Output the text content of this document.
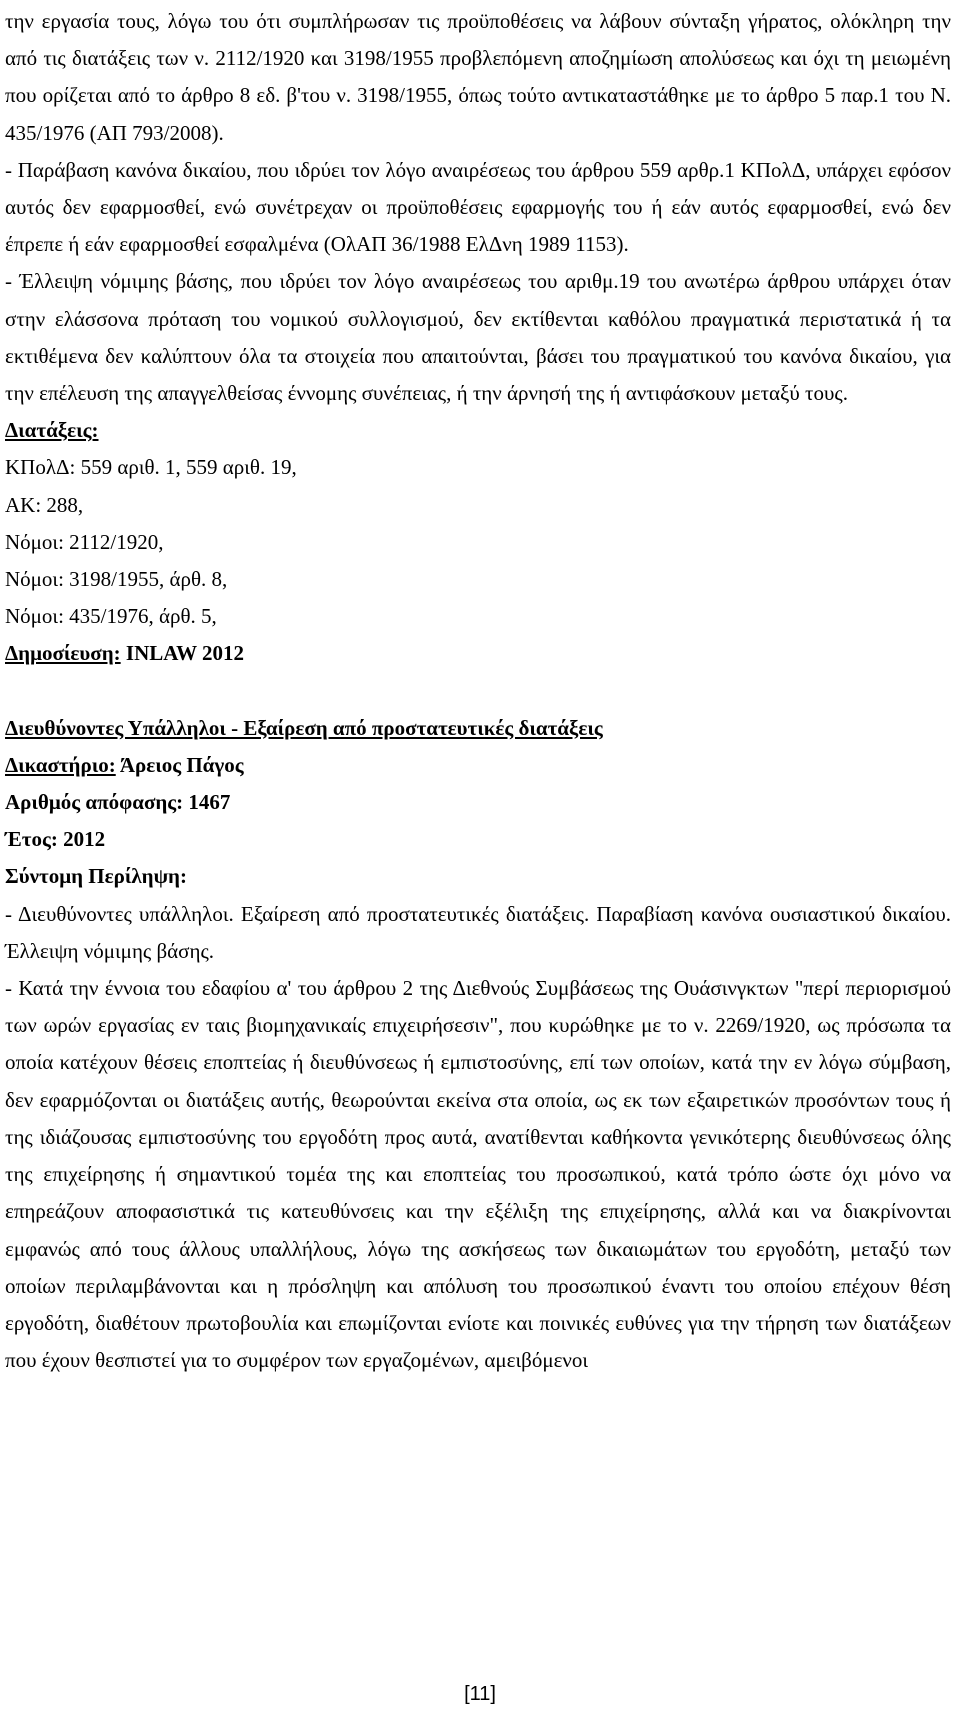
την εργασία τους, λόγω του ότι συμπλήρωσαν τις προϋποθέσεις να λάβουν σύνταξη γήρατος, ολόκληρη την από τις διατάξεις των ν. 2112/1920 και 3198/1955 προβλεπόμενη αποζημίωση απολύσεως και όχι τη μειωμένη που ορίζεται από το άρθρο 8 εδ. β'του ν. 3198/1955, όπως τούτο αντικαταστάθηκε με το άρθρο 5 παρ.1 του Ν. 435/1976 (ΑΠ 793/2008).

- Παράβαση κανόνα δικαίου, που ιδρύει τον λόγο αναιρέσεως του άρθρου 559 αρθρ.1 ΚΠολΔ, υπάρχει εφόσον αυτός δεν εφαρμοσθεί, ενώ συνέτρεχαν οι προϋποθέσεις εφαρμογής του ή εάν αυτός εφαρμοσθεί, ενώ δεν έπρεπε ή εάν εφαρμοσθεί εσφαλμένα (ΟλΑΠ 36/1988 ΕλΔνη 1989 1153).

- Έλλειψη νόμιμης βάσης, που ιδρύει τον λόγο αναιρέσεως του αριθμ.19 του ανωτέρω άρθρου υπάρχει όταν στην ελάσσονα πρόταση του νομικού συλλογισμού, δεν εκτίθενται καθόλου πραγματικά περιστατικά ή τα εκτιθέμενα δεν καλύπτουν όλα τα στοιχεία που απαιτούνται, βάσει του πραγματικού του κανόνα δικαίου, για την επέλευση της απαγγελθείσας έννομης συνέπειας, ή την άρνησή της ή αντιφάσκουν μεταξύ τους.

Διατάξεις:
ΚΠολΔ: 559 αριθ. 1, 559 αριθ. 19,
ΑΚ: 288,
Νόμοι: 2112/1920,
Νόμοι: 3198/1955, άρθ. 8,
Νόμοι: 435/1976, άρθ. 5,
Δημοσίευση: INLAW 2012
Διευθύνοντες Υπάλληλοι - Εξαίρεση από προστατευτικές διατάξεις
Δικαστήριο: Άρειος Πάγος
Αριθμός απόφασης: 1467
Έτος: 2012
Σύντομη Περίληψη:

- Διευθύνοντες υπάλληλοι. Εξαίρεση από προστατευτικές διατάξεις. Παραβίαση κανόνα ουσιαστικού δικαίου. Έλλειψη νόμιμης βάσης.

- Κατά την έννοια του εδαφίου α' του άρθρου 2 της Διεθνούς Συμβάσεως της Ουάσινγκτων "περί περιορισμού των ωρών εργασίας εν ταις βιομηχανικαίς επιχειρήσεσιν", που κυρώθηκε με το ν. 2269/1920, ως πρόσωπα τα οποία κατέχουν θέσεις εποπτείας ή διευθύνσεως ή εμπιστοσύνης, επί των οποίων, κατά την εν λόγω σύμβαση, δεν εφαρμόζονται οι διατάξεις αυτής, θεωρούνται εκείνα στα οποία, ως εκ των εξαιρετικών προσόντων τους ή της ιδιάζουσας εμπιστοσύνης του εργοδότη προς αυτά, ανατίθενται καθήκοντα γενικότερης διευθύνσεως όλης της επιχείρησης ή σημαντικού τομέα της και εποπτείας του προσωπικού, κατά τρόπο ώστε όχι μόνο να επηρεάζουν αποφασιστικά τις κατευθύνσεις και την εξέλιξη της επιχείρησης, αλλά και να διακρίνονται εμφανώς από τους άλλους υπαλλήλους, λόγω της ασκήσεως των δικαιωμάτων του εργοδότη, μεταξύ των οποίων περιλαμβάνονται και η πρόσληψη και απόλυση του προσωπικού έναντι του οποίου επέχουν θέση εργοδότη, διαθέτουν πρωτοβουλία και επωμίζονται ενίοτε και ποινικές ευθύνες για την τήρηση των διατάξεων που έχουν θεσπιστεί για το συμφέρον των εργαζομένων, αμειβόμενοι

[11]
